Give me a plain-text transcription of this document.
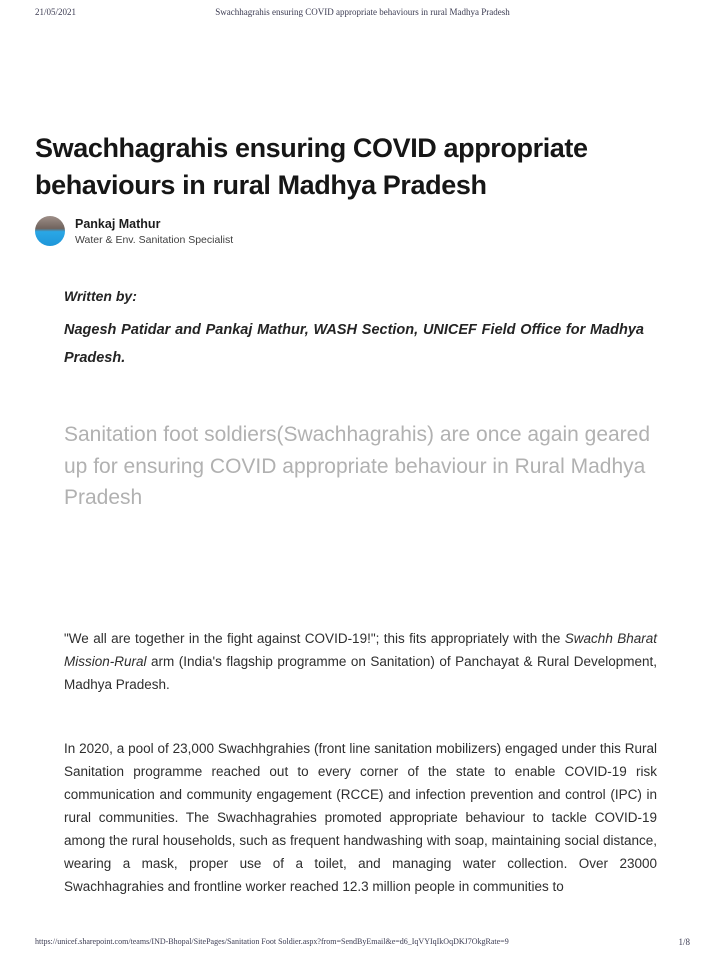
21/05/2021	Swachhagrahis ensuring COVID appropriate behaviours in rural Madhya Pradesh
Swachhagrahis ensuring COVID appropriate behaviours in rural Madhya Pradesh
Pankaj Mathur
Water & Env. Sanitation Specialist
Written by:
Nagesh Patidar and Pankaj Mathur, WASH Section, UNICEF Field Office for Madhya Pradesh.
Sanitation foot soldiers(Swachhagrahis) are once again geared up for ensuring COVID appropriate behaviour in Rural Madhya Pradesh

"We all are together in the fight against COVID-19!"; this fits appropriately with the Swachh Bharat Mission-Rural arm (India's flagship programme on Sanitation) of Panchayat & Rural Development, Madhya Pradesh.

In 2020, a pool of 23,000 Swachhgrahies (front line sanitation mobilizers) engaged under this Rural Sanitation programme reached out to every corner of the state to enable COVID-19 risk communication and community engagement (RCCE) and infection prevention and control (IPC) in rural communities. The Swachhagrahies promoted appropriate behaviour to tackle COVID-19 among the rural households, such as frequent handwashing with soap, maintaining social distance, wearing a mask, proper use of a toilet, and managing water collection. Over 23000 Swachhagrahies and frontline worker reached 12.3 million people in communities to

https://unicef.sharepoint.com/teams/IND-Bhopal/SitePages/Sanitation Foot Soldier.aspx?from=SendByEmail&e=d6_IqVYIqIkOqDKJ7OkgRate=9	1/8
